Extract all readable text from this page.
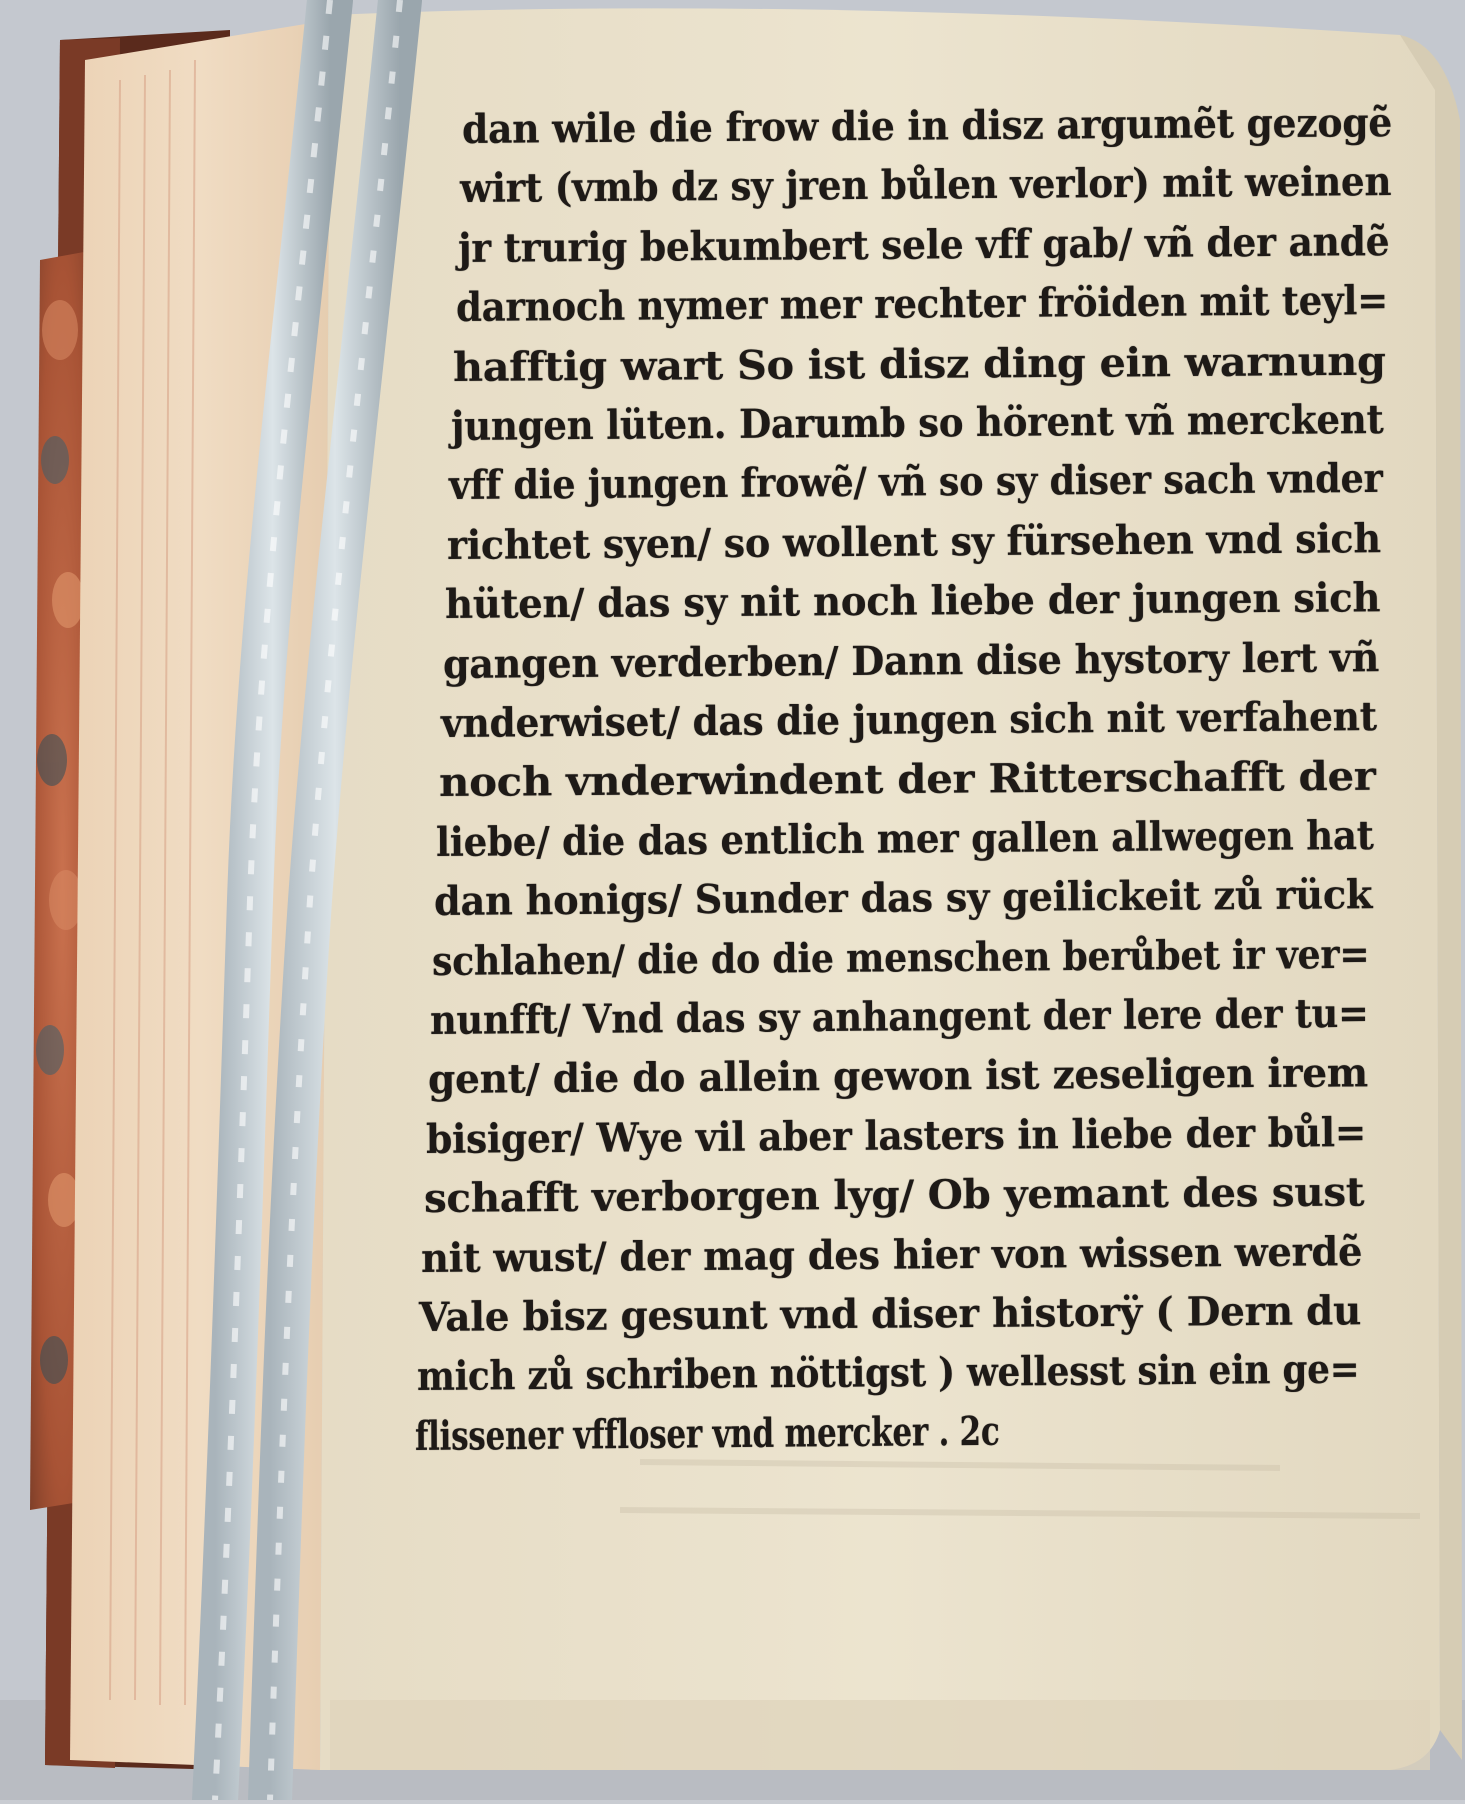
dan wile die frow die in disz argumẽt gezogẽ
wirt (vmb dz sy jren bůlen verlor) mit weinen
jr trurig bekumbert sele vff gab/ vñ der andẽ
darnoch nymer mer rechter fröiden mit teyl=
hafftig wart So ist disz ding ein warnung
jungen lüten. Darumb so hörent vñ merckent
vff die jungen frowẽ/ vñ so sy diser sach vnder
richtet syen/ so wollent sy fürsehen vnd sich
hüten/ das sy nit noch liebe der jungen sich
gangen verderben/ Dann dise hystory lert vñ
vnderwiset/ das die jungen sich nit verfahent
noch vnderwindent der Ritterschafft der
liebe/ die das entlich mer gallen allwegen hat
dan honigs/ Sunder das sy geilickeit zů rück
schlahen/ die do die menschen berůbet ir ver=
nunfft/ Vnd das sy anhangent der lere der tu=
gent/ die do allein gewon ist zeseligen irem
bisiger/ Wye vil aber lasters in liebe der bůl=
schafft verborgen lyg/ Ob yemant des sust
nit wust/ der mag des hier von wissen werdẽ
Vale bisz gesunt vnd diser historÿ ( Dern du
mich zů schriben nöttigst ) wellesst sin ein ge=
flissener vffloser vnd mercker . 2c
